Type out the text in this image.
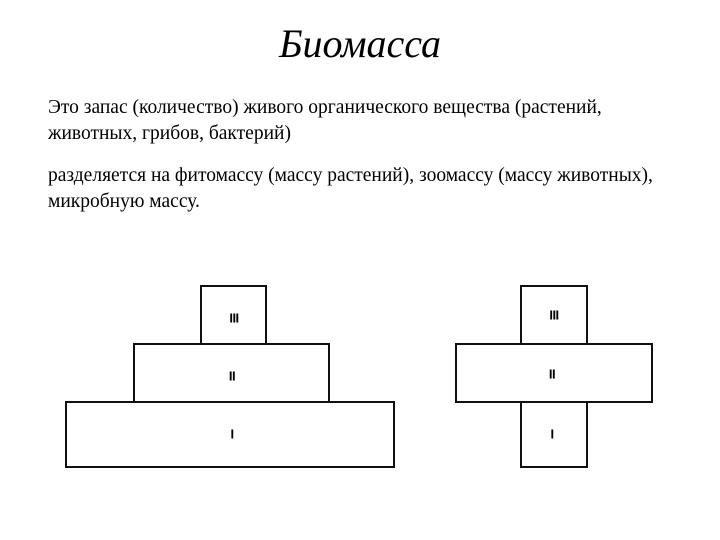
Биомасса
Это запас (количество) живого органического вещества (растений, животных, грибов, бактерий)
разделяется на фитомассу (массу растений), зоомассу (массу животных), микробную массу.
III
II
I
III
II
I
